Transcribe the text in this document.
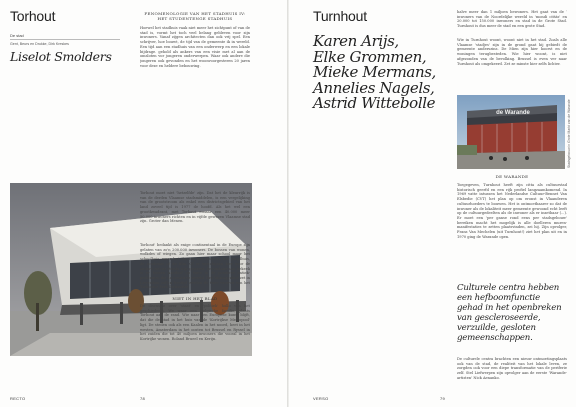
Torhout
De stad
Gent, Beurs en Drukke, Dirk Kreskes
Liselot Smolders
FENOMENOLOGIE VAN HET STADHUIS IV:
HET STUDENTENGE STADHUIS
Hoewel het stadhuis vaak niet meer het zichtpunt of van de stad is, vormt het toch veel belang gebleven voor zijn inwoners. Vanaf zijgen architecten dan ook vrij spel. Een schrijver, hoe bouwt, de tijd van de gemeente ik in wereld. Een tijd aan een stadhuis van een onderwerp en een lokale bijdrage. gehold als ankers van een visie met al aan de omsloten vor jongeren onderwerpen. Waar ook andere die jongeren ook gevonden en het woonvoorgesteren 20 jaren voor deze en heldere bebouwing.
Torhout moet niet 'hetzelfde' zijn. Dat het de kleurrijk is van de derden Vlaamse stadsmiddelen, is een vergelijking van de grootstroom als enkel een districtsgebied van het land zoveel tijd is 1977 de hoofd. Als het wel een grootkwadrant, met Torhout ernaar een 40.000 meer 50.000 inwoners richten en in vijfde gewezen Vlaamse stad zijn. Groter dan Menen.
Torhout' bedankt als enige continentaal in de Europe zijn gelaten van zo'n 200.000 inwoners. De bossen van wonen, wolkdes of wiegen. Zo gaan hier maar school maar het schoolhuis, waar het theater, het museum, het jeugdhuis, de academie of de film. Of er verschijnen hier voor de andere ziet er steeds wijs geweest. Secundaire van bekeek is er bossen aandoof op twee in de positieve antiek-problemen die de creatieve wereld. Het Vaticaggeloof zet in Lieverdam zullen leestijd werden de twee voorren van het Torhoutse Park Torhoutste.
NIET IN HET BLAD
De discussie over 'staat' en 'politiek' hallo van het geschiedenis. We waar een Belgische familie, plaats Torhout aan de rand. Wie naar een Europese kunst blijft, dat die de stad in het huis van de 'Kortrijkse Metropool' ligt. De steden ook als een Kaalen in het noord, heet in het westen, Amsterdam in het oosten tot Brussel en Ryssel in het zuiden die tot 40 miljoen inwoners die vooral in het Kortrijke wonen. Roland Brueel en Kerijn.
RECTO	78
Turnhout
Karen Arijs,
Elke Grommen,
Mieke Mermans,
Annelies Nagels,
Astrid Wittebolle
halve meer dan 1 miljoen bewoners. Het gaat van de ′ inwoners van de Noordelijke wereld in 'mondi cittàs' en 20.000 tot 150.000 inwoners en stad in de Grote Stad. Turnhout is dus meer de stad en een grote Stad.
Wie in Turnhout woont, woont niet in het stad. Zoals alle Vlaamse 'stadjes' zijn in de grond gaat hij gebiedt de gemeente anderszins. De Mien zijn hier hoorst en de woningen terugbesteden. Wie hier woont, is niet afgezonden van de bevolking. Brussel is even ver naar Turnhout als omgekeerd. Zet ze minste hier zelfs lichter.
de Warande	Stadsgebouw in Grote Markt van de Warande
DE WARANDE
Toegegeven, Turnhout heeft zijn citta als cultuurstad historisch geerfd en een rijk profiel langzaamkomend. In 1969 vatte intussen het Nederlandse Cultuur-Bennet Van Elsbedie (CVT) het plan op om eronst in Vlaanderen cultuurhoeders te bouwen. Het is ontmoetbaarer zo dat de inwoner als de lokaliteit meer gemeente gewoond echt leeft op de cultuurgedeelten als de inwoner als er inzetbaar (...). Er moet een 'per ganse rond eens per stadsgebouw' bereiken macht het mogelijk is alle doelleren muren-manifestaties te zetten plaatsvinden, zei hij. Zijn opvolger, Frans Van Mechelen (uit Turnhout!) ziet het plan uit en in 1970 ging de Warande open.
Culturele centra hebben een hefboomfunctie gehad in het openbreken van gescleroseerde, verzuilde, gesloten gemeenschappen.
De culturele centra brachten een nieuw ontmoetingsplaats ook van de stad, de realiteit van het lokale leven, ze zorgden ook voor een diepe transformatie van de periferie zelf. Stel Liefwerpen zijn opvolger aan de eerste 'Warande-artisten' Nick Aenanko.
VERSO	79
